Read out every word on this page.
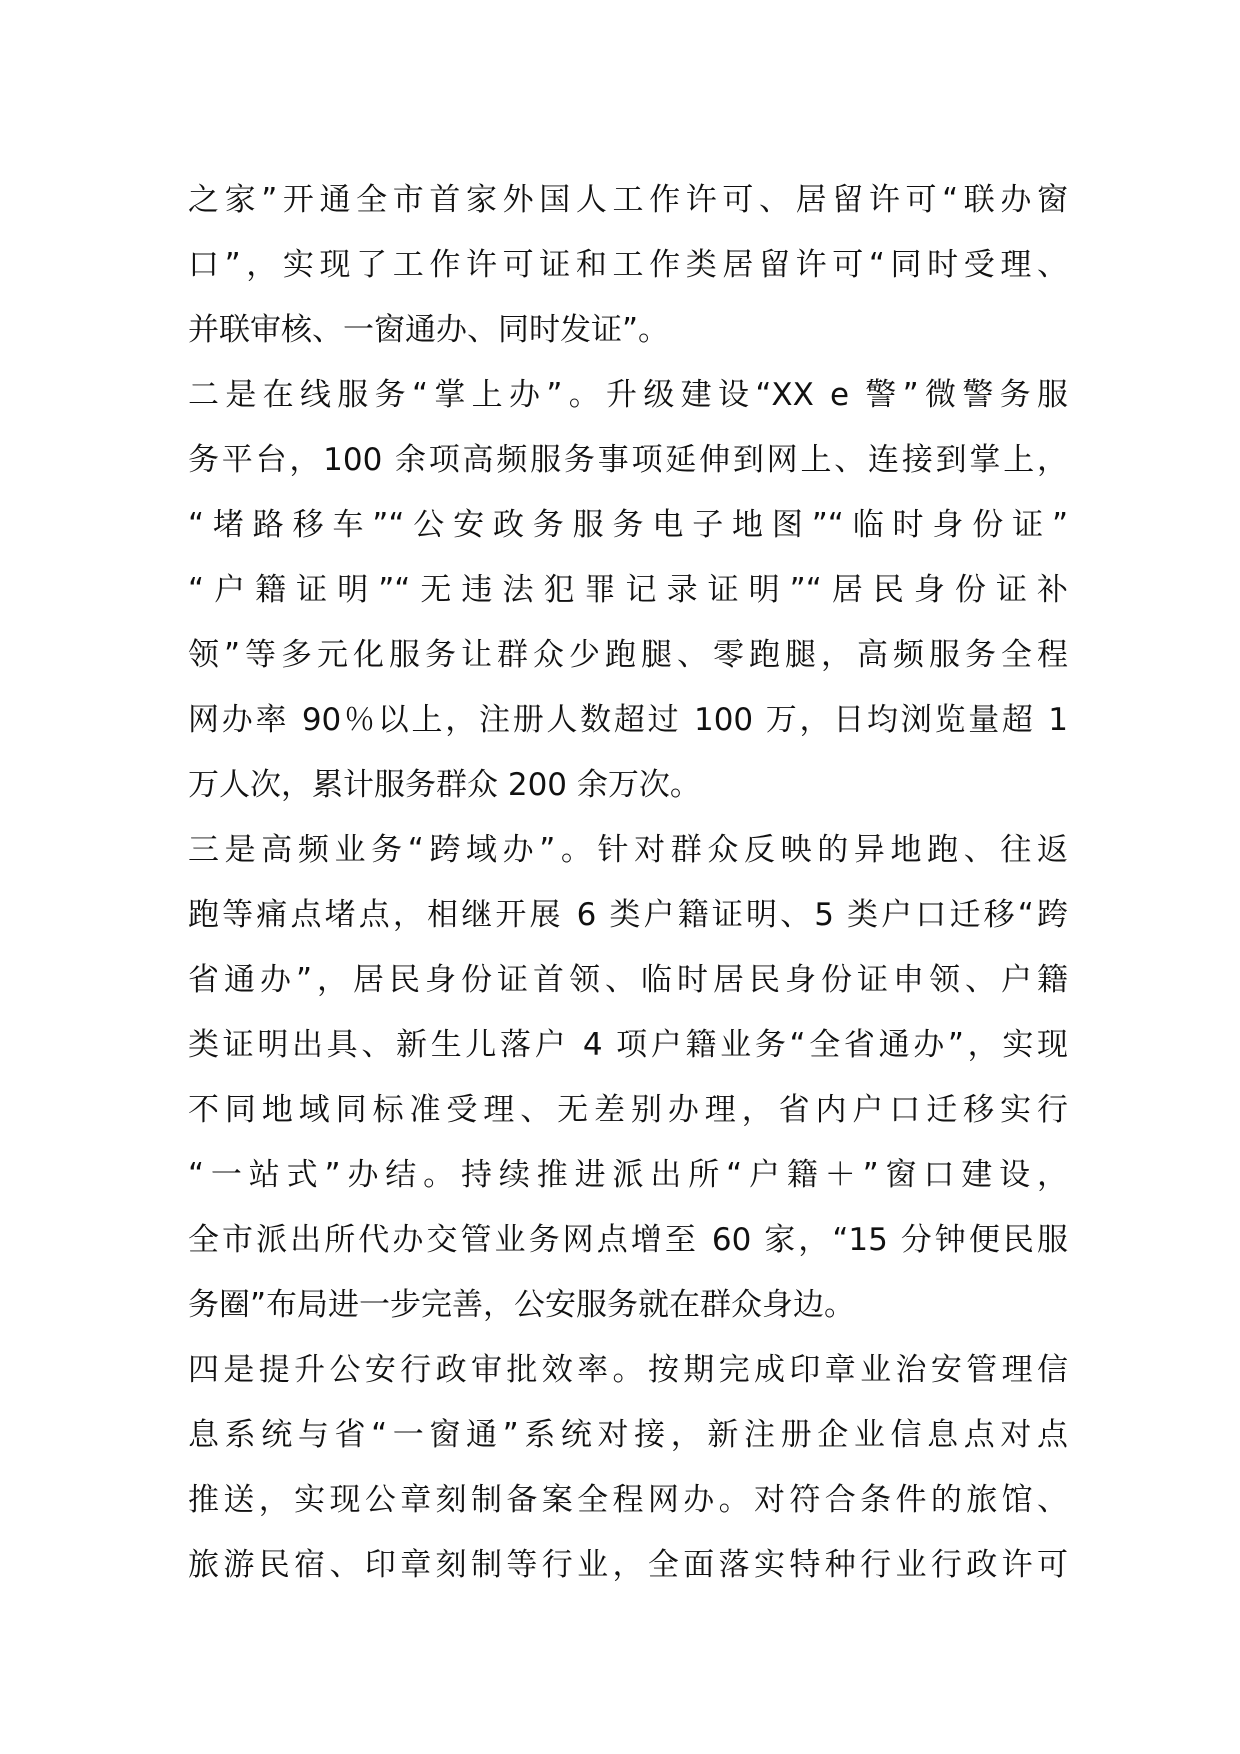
之家”开通全市首家外国人工作许可、居留许可“联办窗
口”，实现了工作许可证和工作类居留许可“同时受理、
并联审核、一窗通办、同时发证”。
二是在线服务“掌上办”。升级建设“XX e 警”微警务服
务平台，100 余项高频服务事项延伸到网上、连接到掌上，
“堵路移车”“公安政务服务电子地图”“临时身份证”
“户籍证明”“无违法犯罪记录证明”“居民身份证补
领”等多元化服务让群众少跑腿、零跑腿，高频服务全程
网办率 90％以上，注册人数超过 100 万，日均浏览量超 1
万人次，累计服务群众 200 余万次。
三是高频业务“跨域办”。针对群众反映的异地跑、往返
跑等痛点堵点，相继开展 6 类户籍证明、5 类户口迁移“跨
省通办”，居民身份证首领、临时居民身份证申领、户籍
类证明出具、新生儿落户 4 项户籍业务“全省通办”，实现
不同地域同标准受理、无差别办理，省内户口迁移实行
“一站式”办结。持续推进派出所“户籍＋”窗口建设，
全市派出所代办交管业务网点增至 60 家，“15 分钟便民服
务圈”布局进一步完善，公安服务就在群众身边。
四是提升公安行政审批效率。按期完成印章业治安管理信
息系统与省“一窗通”系统对接，新注册企业信息点对点
推送，实现公章刻制备案全程网办。对符合条件的旅馆、
旅游民宿、印章刻制等行业，全面落实特种行业行政许可
